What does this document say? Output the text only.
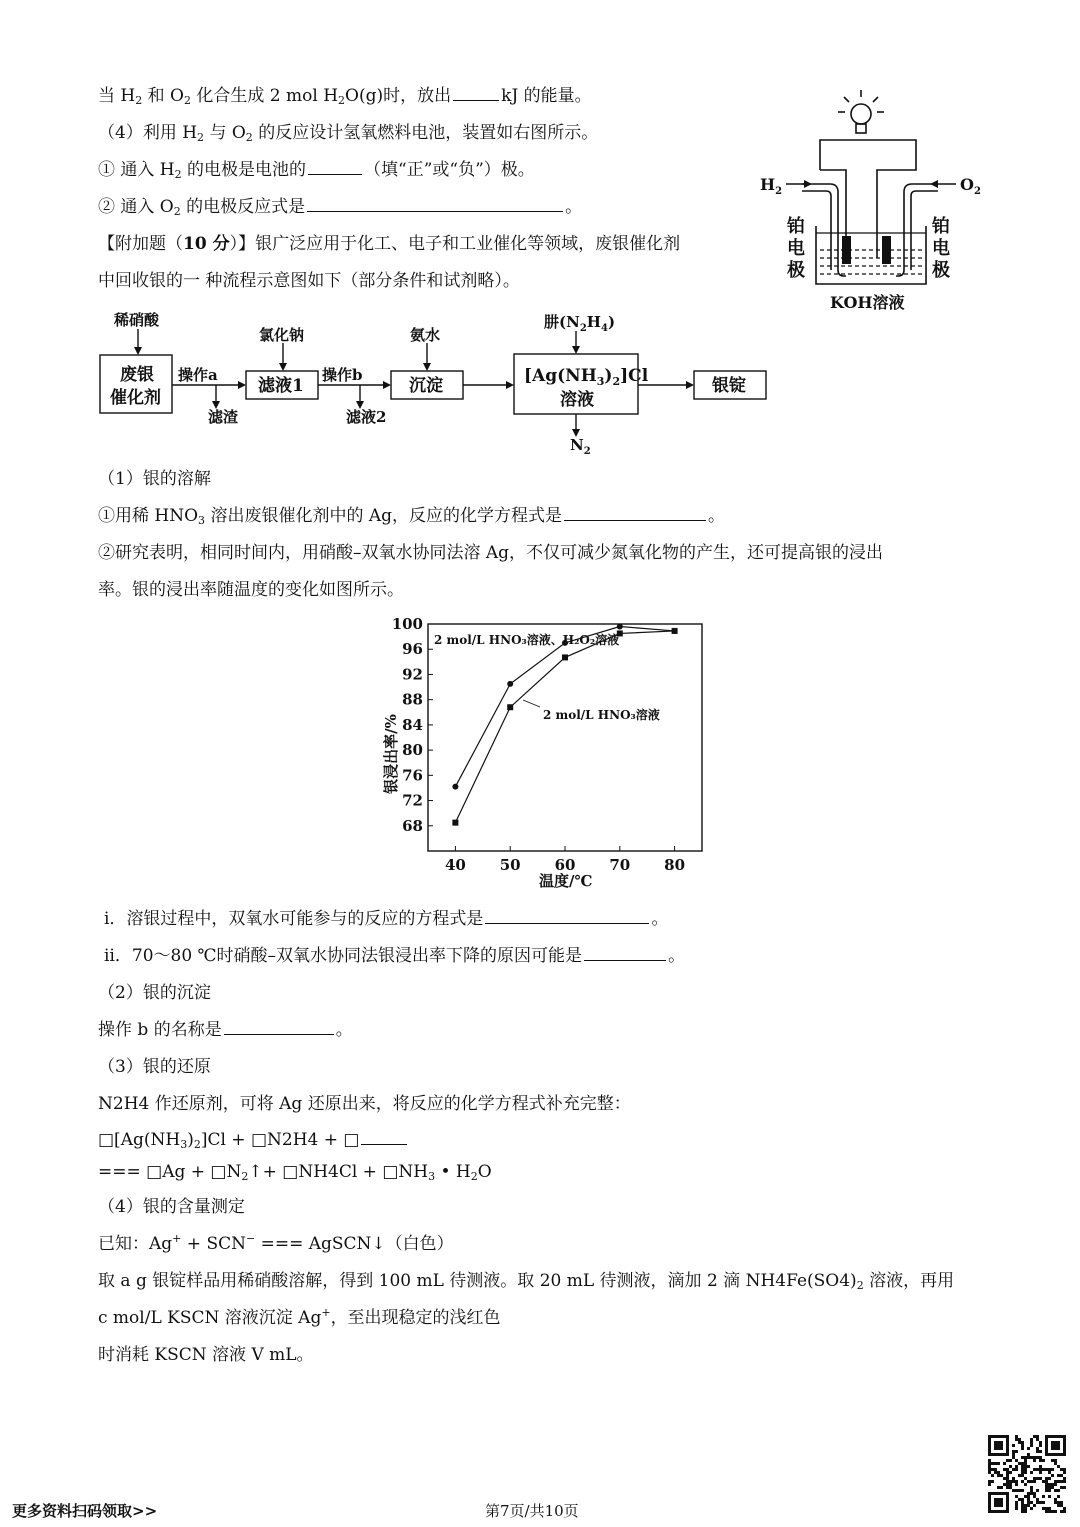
当 $H_2$ 和 $O_2$ 化合生成 2 mol $H_2O(g)$时，放出	kJ 的能量。
（4）利用 $H_2$ 与 $O_2$ 的反应设计氢氧燃料电池，装置如右图所示。
① 通入 $H_2$ 的电极是电池的	（填“正”或“负”）极。
② 通入 $O_2$ 的电极反应式是	。
$H_2$	$O_2$
铂
电
极
铂
电
极
KOH溶液
【附加题（10 分）】银广泛应用于化工、电子和工业催化等领域，废银催化剂
中回收银的一 种流程示意图如下（部分条件和试剂略）。
稀硝酸
氯化钠	氨水
肼$(N_2H_4)$
废银
催化剂
操作a
滤渣
滤液1
操作b
滤液2
沉淀	$[Ag(NH_3)_2]Cl$
溶液
$N_2$
银锭
（1）银的溶解
①用稀 $HNO_3$ 溶出废银催化剂中的 Ag，反应的化学方程式是	。
②研究表明，相同时间内，用硝酸–双氧水协同法溶 Ag，不仅可减少氮氧化物的产生，还可提高银的浸出
率。银的浸出率随温度的变化如图所示。
68
72
76
80
84
88
92
96
100
40 50 60 70 80
2 mol/L HNO₃溶液、H₂O₂溶液
2 mol/L HNO₃溶液
温度/℃
银浸出率/%
ⅰ．溶银过程中，双氧水可能参与的反应的方程式是	。
ⅱ．70～80 ℃时硝酸–双氧水协同法银浸出率下降的原因可能是	。
（2）银的沉淀
操作 b 的名称是	。
（3）银的还原
N2H4 作还原剂，可将 Ag 还原出来，将反应的化学方程式补充完整：
$□[Ag(NH_3)_2]Cl$ + □N2H4 + □
=== □Ag + $□N_2↑+$ □NH4Cl + $□NH_3$ • $H_2O$
（4）银的含量测定
已知：Ag+ + SCN− === AgSCN↓（白色）
取 a g 银锭样品用稀硝酸溶解，得到 100 mL 待测液。取 20 mL 待测液，滴加 2 滴 $NH4Fe(SO4)_2$ 溶液，再用
c mol/L KSCN 溶液沉淀 Ag+，至出现稳定的浅红色
时消耗 KSCN 溶液 V mL。
更多资料扫码领取>>	第7页/共10页
